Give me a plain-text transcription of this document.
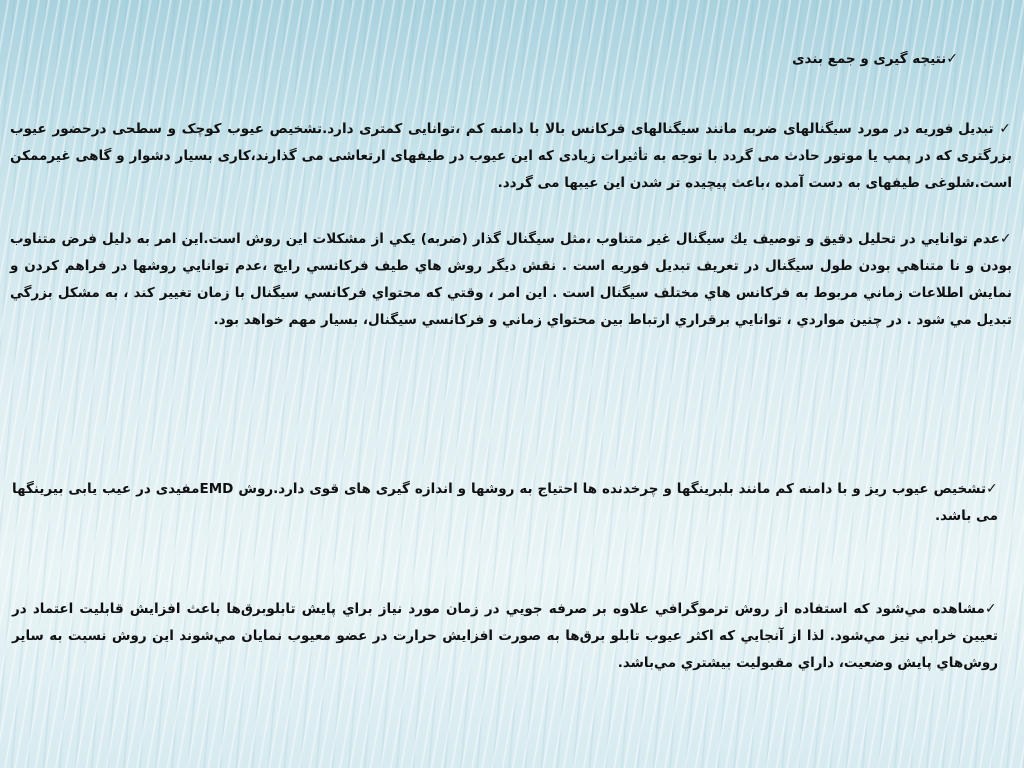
✓نتیجه گیری و جمع بندی
✓ تبدیل فوریه در مورد سیگنالهای ضربه مانند سیگنالهای فرکانس بالا با دامنه کم ،توانایی کمتری دارد.تشخیص عیوب کوچک و سطحی درحضور عیوب بزرگتری که در پمپ یا موتور حادث می گردد با توجه به تأثیرات زیادی که این عیوب در طیفهای ارتعاشی می گذارند،کاری بسیار دشوار و گاهی غیرممکن است.شلوغی طیفهای به دست آمده ،باعث پیچیده تر شدن این عیبها می گردد.
✓عدم توانايي در تحليل دقيق و توصيف يك سيگنال غير متناوب ،مثل سيگنال گذار (ضربه) يكي از مشكلات اين روش است.اين امر به دليل فرض متناوب بودن و نا متناهي بودن طول سيگنال در تعريف تبديل فوريه است . نقش ديگر روش هاي طيف فركانسي رايج ،عدم توانايي روشها در فراهم كردن و نمايش اطلاعات زماني مربوط به فركانس هاي مختلف سيگنال است . اين امر ، وقتي كه محتواي فركانسي سيگنال با زمان تغيير كند ، به مشكل بزرگي تبديل مي شود . در چنين مواردي ، توانايي برقراري ارتباط بين محتواي زماني و فركانسي سيگنال، بسيار مهم خواهد بود.
✓تشخیص عیوب ریز و با دامنه کم مانند بلبرینگها و چرخدنده ها احتیاج به روشها و اندازه گیری های قوی دارد.روش EMDمفیدی در عیب یابی بیرینگها می باشد.
✓مشاهده مي‌شود كه استفاده از روش ترموگرافي علاوه بر صرفه جويي در زمان مورد نياز براي پايش تابلوبرق‌ها باعث افزايش قابليت اعتماد در تعيين خرابي نيز مي‌شود. لذا از آنجايي كه اكثر عيوب تابلو برق‌ها به صورت افزايش حرارت در عضو معيوب نمايان مي‌شوند اين روش نسبت به ساير روش‌هاي پايش وضعيت، داراي مقبوليت بيشتري مي‌باشد.
